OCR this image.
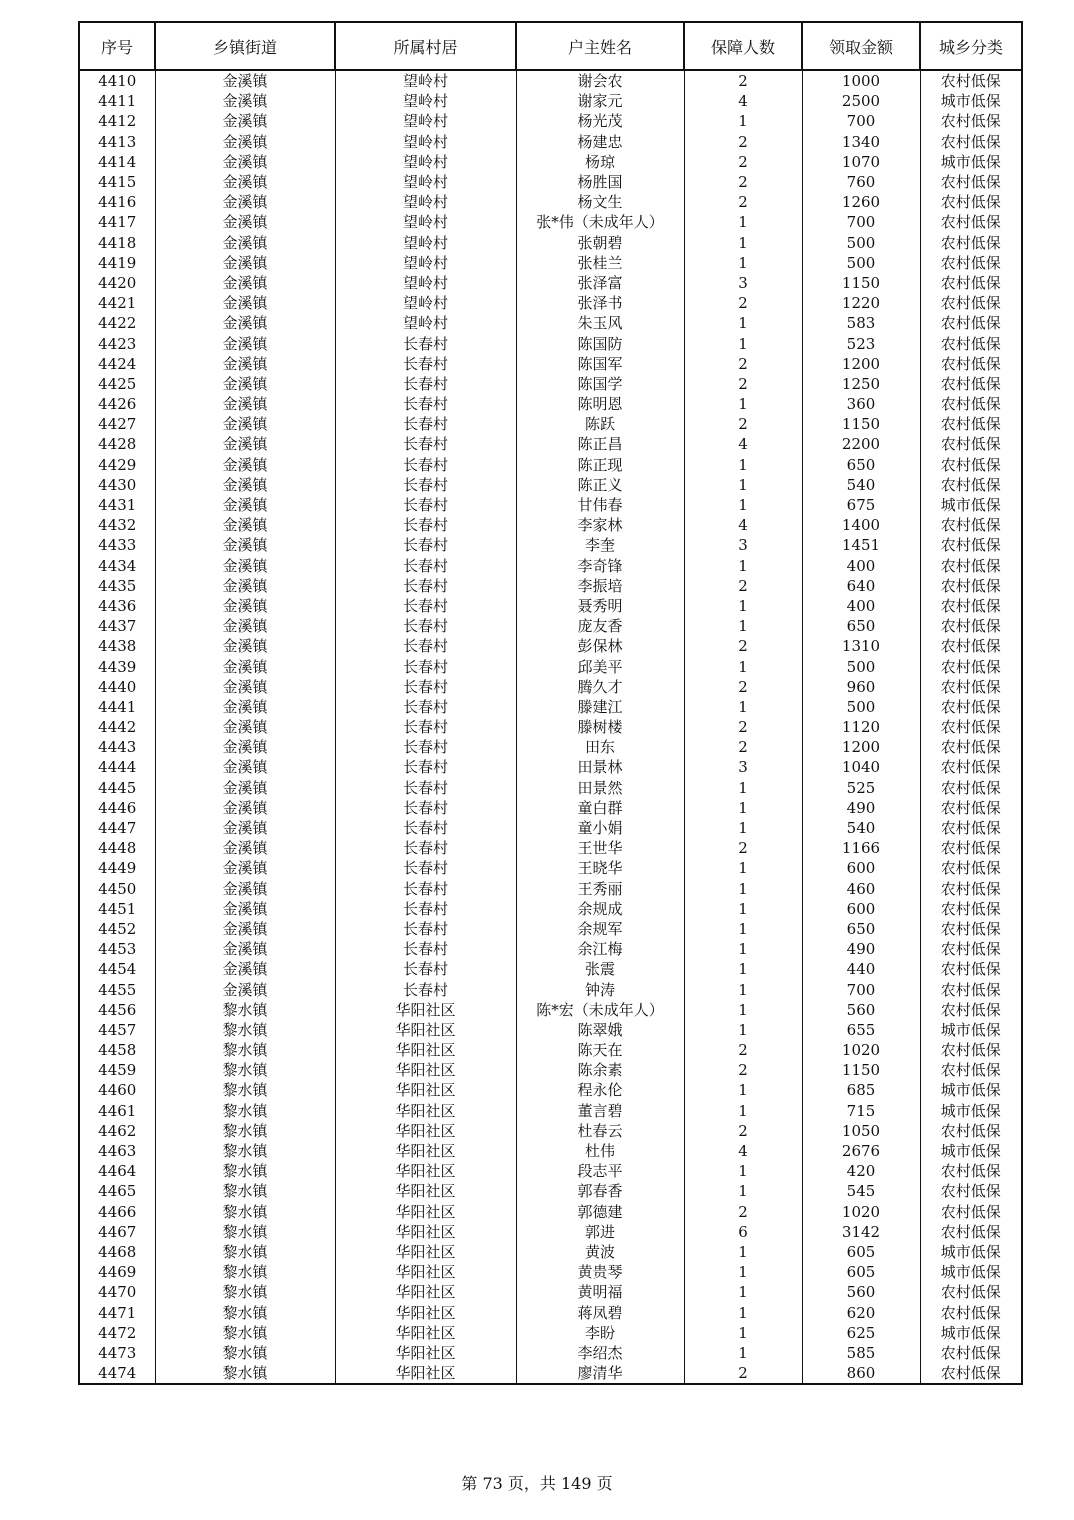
序号	乡镇街道	所属村居	户主姓名	保障人数	领取金额	城乡分类
4410	金溪镇	望岭村	谢会农	2	1000	农村低保
4411	金溪镇	望岭村	谢家元	4	2500	城市低保
4412	金溪镇	望岭村	杨光茂	1	700	农村低保
4413	金溪镇	望岭村	杨建忠	2	1340	农村低保
4414	金溪镇	望岭村	杨琼	2	1070	城市低保
4415	金溪镇	望岭村	杨胜国	2	760	农村低保
4416	金溪镇	望岭村	杨文生	2	1260	农村低保
4417	金溪镇	望岭村	张*伟（未成年人）	1	700	农村低保
4418	金溪镇	望岭村	张朝碧	1	500	农村低保
4419	金溪镇	望岭村	张桂兰	1	500	农村低保
4420	金溪镇	望岭村	张泽富	3	1150	农村低保
4421	金溪镇	望岭村	张泽书	2	1220	农村低保
4422	金溪镇	望岭村	朱玉风	1	583	农村低保
4423	金溪镇	长春村	陈国防	1	523	农村低保
4424	金溪镇	长春村	陈国军	2	1200	农村低保
4425	金溪镇	长春村	陈国学	2	1250	农村低保
4426	金溪镇	长春村	陈明恩	1	360	农村低保
4427	金溪镇	长春村	陈跃	2	1150	农村低保
4428	金溪镇	长春村	陈正昌	4	2200	农村低保
4429	金溪镇	长春村	陈正现	1	650	农村低保
4430	金溪镇	长春村	陈正义	1	540	农村低保
4431	金溪镇	长春村	甘伟春	1	675	城市低保
4432	金溪镇	长春村	李家林	4	1400	农村低保
4433	金溪镇	长春村	李奎	3	1451	农村低保
4434	金溪镇	长春村	李奇锋	1	400	农村低保
4435	金溪镇	长春村	李振培	2	640	农村低保
4436	金溪镇	长春村	聂秀明	1	400	农村低保
4437	金溪镇	长春村	庞友香	1	650	农村低保
4438	金溪镇	长春村	彭保林	2	1310	农村低保
4439	金溪镇	长春村	邱美平	1	500	农村低保
4440	金溪镇	长春村	腾久才	2	960	农村低保
4441	金溪镇	长春村	滕建江	1	500	农村低保
4442	金溪镇	长春村	滕树楼	2	1120	农村低保
4443	金溪镇	长春村	田东	2	1200	农村低保
4444	金溪镇	长春村	田景林	3	1040	农村低保
4445	金溪镇	长春村	田景然	1	525	农村低保
4446	金溪镇	长春村	童白群	1	490	农村低保
4447	金溪镇	长春村	童小娟	1	540	农村低保
4448	金溪镇	长春村	王世华	2	1166	农村低保
4449	金溪镇	长春村	王晓华	1	600	农村低保
4450	金溪镇	长春村	王秀丽	1	460	农村低保
4451	金溪镇	长春村	余规成	1	600	农村低保
4452	金溪镇	长春村	余规军	1	650	农村低保
4453	金溪镇	长春村	余江梅	1	490	农村低保
4454	金溪镇	长春村	张震	1	440	农村低保
4455	金溪镇	长春村	钟涛	1	700	农村低保
4456	黎水镇	华阳社区	陈*宏（未成年人）	1	560	农村低保
4457	黎水镇	华阳社区	陈翠娥	1	655	城市低保
4458	黎水镇	华阳社区	陈天在	2	1020	农村低保
4459	黎水镇	华阳社区	陈余素	2	1150	农村低保
4460	黎水镇	华阳社区	程永伦	1	685	城市低保
4461	黎水镇	华阳社区	董言碧	1	715	城市低保
4462	黎水镇	华阳社区	杜春云	2	1050	农村低保
4463	黎水镇	华阳社区	杜伟	4	2676	城市低保
4464	黎水镇	华阳社区	段志平	1	420	农村低保
4465	黎水镇	华阳社区	郭春香	1	545	农村低保
4466	黎水镇	华阳社区	郭德建	2	1020	农村低保
4467	黎水镇	华阳社区	郭进	6	3142	农村低保
4468	黎水镇	华阳社区	黄波	1	605	城市低保
4469	黎水镇	华阳社区	黄贵琴	1	605	城市低保
4470	黎水镇	华阳社区	黄明福	1	560	农村低保
4471	黎水镇	华阳社区	蒋凤碧	1	620	农村低保
4472	黎水镇	华阳社区	李盼	1	625	城市低保
4473	黎水镇	华阳社区	李绍杰	1	585	农村低保
4474	黎水镇	华阳社区	廖清华	2	860	农村低保
第 73 页，共 149 页
